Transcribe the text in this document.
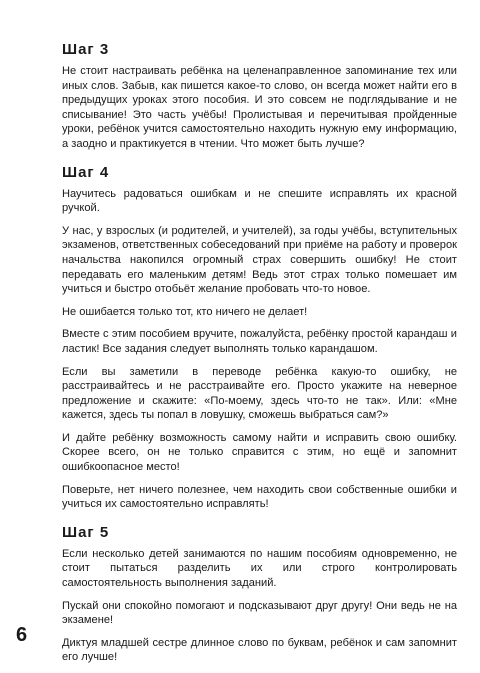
Шаг 3

Не стоит настраивать ребёнка на целенаправленное запоминание тех или иных слов. Забыв, как пишется какое-то слово, он всегда может найти его в предыдущих уроках этого пособия. И это совсем не подглядывание и не списывание! Это часть учёбы! Пролистывая и перечитывая пройденные уроки, ребёнок учится самостоятельно находить нужную ему информацию, а заодно и практикуется в чтении. Что может быть лучше?

Шаг 4

Научитесь радоваться ошибкам и не спешите исправлять их красной ручкой.

У нас, у взрослых (и родителей, и учителей), за годы учёбы, вступительных экзаменов, ответственных собеседований при приёме на работу и проверок начальства накопился огромный страх совершить ошибку! Не стоит передавать его маленьким детям! Ведь этот страх только помешает им учиться и быстро отобьёт желание пробовать что-то новое.

Не ошибается только тот, кто ничего не делает!

Вместе с этим пособием вручите, пожалуйста, ребёнку простой карандаш и ластик! Все задания следует выполнять только карандашом.

Если вы заметили в переводе ребёнка какую-то ошибку, не расстраивайтесь и не расстраивайте его. Просто укажите на неверное предложение и скажите: «По-моему, здесь что-то не так». Или: «Мне кажется, здесь ты попал в ловушку, сможешь выбраться сам?»

И дайте ребёнку возможность самому найти и исправить свою ошибку. Скорее всего, он не только справится с этим, но ещё и запомнит ошибкоопасное место!

Поверьте, нет ничего полезнее, чем находить свои собственные ошибки и учиться их самостоятельно исправлять!

Шаг 5

Если несколько детей занимаются по нашим пособиям одновременно, не стоит пытаться разделить их или строго контролировать самостоятельность выполнения заданий.

Пускай они спокойно помогают и подсказывают друг другу! Они ведь не на экзамене!

Диктуя младшей сестре длинное слово по буквам, ребёнок и сам запомнит его лучше!

6
